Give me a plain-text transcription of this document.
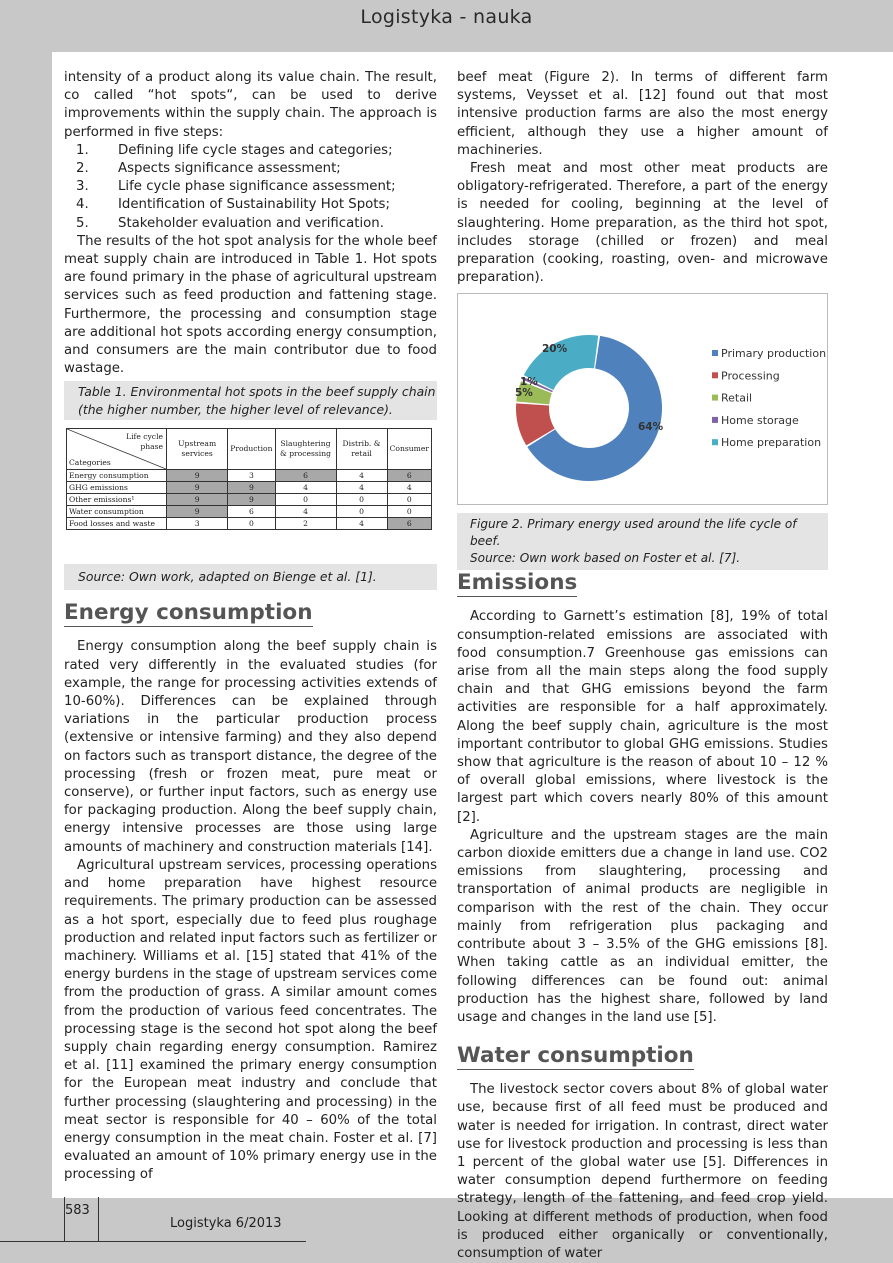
Logistyka - nauka

intensity of a product along its value chain. The result, co called “hot spots“, can be used to derive improvements within the supply chain. The approach is performed in five steps:

1.	Defining life cycle stages and categories;
2.	Aspects significance assessment;
3.	Life cycle phase significance assessment;
4.	Identification of Sustainability Hot Spots;
5.	Stakeholder evaluation and verification.

The results of the hot spot analysis for the whole beef meat supply chain are introduced in Table 1. Hot spots are found primary in the phase of agricultural upstream services such as feed production and fattening stage. Furthermore, the processing and consumption stage are additional hot spots according energy consumption, and consumers are the main contributor due to food wastage.

Table 1. Environmental hot spots in the beef supply chain (the higher number, the higher level of relevance).
Life cycle phase
Categories	Upstream services	Production	Slaughtering & processing	Distrib. & retail	Consumer
Energy consumption	9	3	6	4	6
GHG emissions	9	9	4	4	4
Other emissions¹	9	9	0	0	0
Water consumption	9	6	4	0	0
Food losses and waste	3	0	2	4	6
Source: Own work, adapted on Bienge et al. [1].
Energy consumption

Energy consumption along the beef supply chain is rated very differently in the evaluated studies (for example, the range for processing activities extends of 10-60%). Differences can be explained through variations in the particular production process (extensive or intensive farming) and they also depend on factors such as transport distance, the degree of the processing (fresh or frozen meat, pure meat or conserve), or further input factors, such as energy use for packaging production. Along the beef supply chain, energy intensive processes are those using large amounts of machinery and construction materials [14].

Agricultural upstream services, processing operations and home preparation have highest resource requirements. The primary production can be assessed as a hot sport, especially due to feed plus roughage production and related input factors such as fertilizer or machinery. Williams et al. [15] stated that 41% of the energy burdens in the stage of upstream services come from the production of grass. A similar amount comes from the production of various feed concentrates. The processing stage is the second hot spot along the beef supply chain regarding energy consumption. Ramirez et al. [11] examined the primary energy consumption for the European meat industry and conclude that further processing (slaughtering and processing) in the meat sector is responsible for 40 – 60% of the total energy consumption in the meat chain. Foster et al. [7] evaluated an amount of 10% primary energy use in the processing of

beef meat (Figure 2). In terms of different farm systems, Veysset et al. [12] found out that most intensive production farms are also the most energy efficient, although they use a higher amount of machineries.

Fresh meat and most other meat products are obligatory-refrigerated. Therefore, a part of the energy is needed for cooling, beginning at the level of slaughtering. Home preparation, as the third hot spot, includes storage (chilled or frozen) and meal preparation (cooking, roasting, oven- and microwave preparation).

64%
10%
5%
1%
20%	Primary production
Processing
Retail
Home storage
Home preparation
Figure 2. Primary energy used around the life cycle of beef.
Source: Own work based on Foster et al. [7].
Emissions

According to Garnett’s estimation [8], 19% of total consumption-related emissions are associated with food consumption.7 Greenhouse gas emissions can arise from all the main steps along the food supply chain and that GHG emissions beyond the farm activities are responsible for a half approximately. Along the beef supply chain, agriculture is the most important contributor to global GHG emissions. Studies show that agriculture is the reason of about 10 – 12 % of overall global emissions, where livestock is the largest part which covers nearly 80% of this amount [2].

Agriculture and the upstream stages are the main carbon dioxide emitters due a change in land use. CO2 emissions from slaughtering, processing and transportation of animal products are negligible in comparison with the rest of the chain. They occur mainly from refrigeration plus packaging and contribute about 3 – 3.5% of the GHG emissions [8]. When taking cattle as an individual emitter, the following differences can be found out: animal production has the highest share, followed by land usage and changes in the land use [5].

Water consumption

The livestock sector covers about 8% of global water use, because first of all feed must be produced and water is needed for irrigation. In contrast, direct water use for livestock production and processing is less than 1 percent of the global water use [5]. Differences in water consumption depend furthermore on feeding strategy, length of the fattening, and feed crop yield. Looking at different methods of production, when food is produced either organically or conventionally, consumption of water

583
Logistyka 6/2013
